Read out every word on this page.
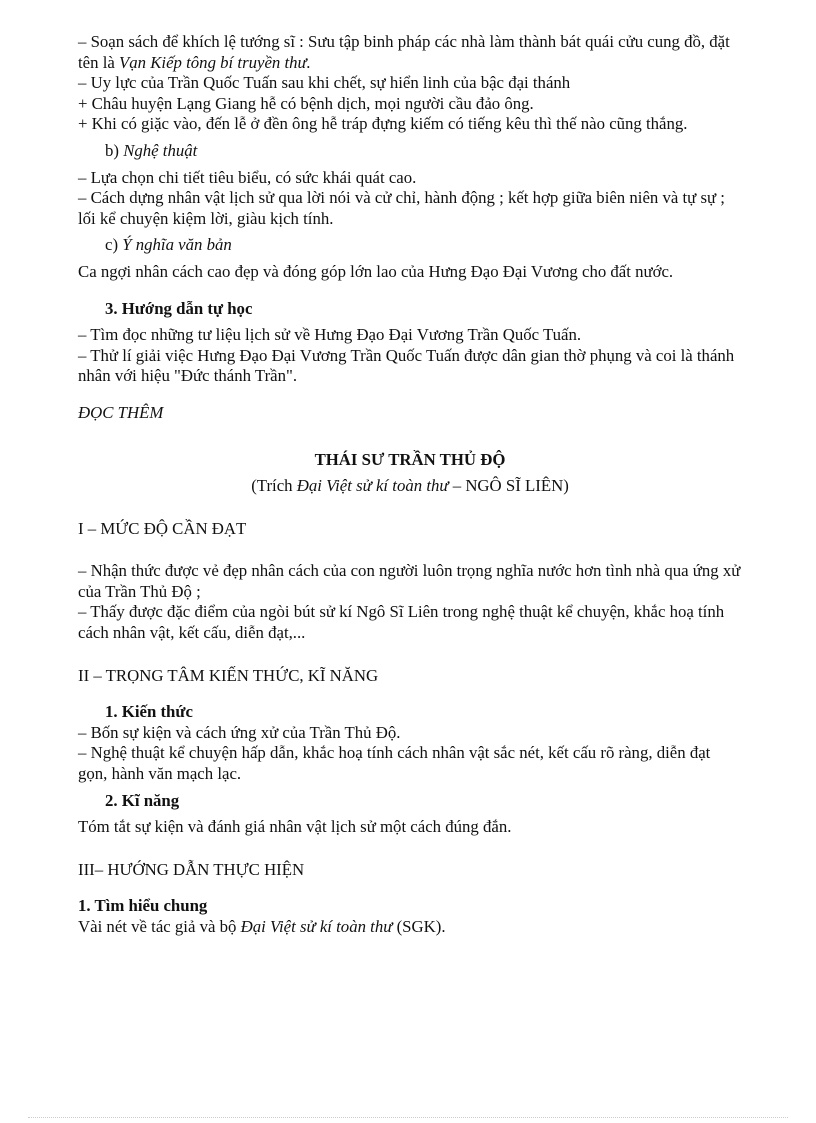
– Soạn sách để khích lệ tướng sĩ : Sưu tập binh pháp các nhà làm thành bát quái cửu cung đồ, đặt tên là Vạn Kiếp tông bí truyền thư.

– Uy lực của Trần Quốc Tuấn sau khi chết, sự hiển linh của bậc đại thánh

+ Châu huyện Lạng Giang hễ có bệnh dịch, mọi người cầu đảo ông.

+ Khi có giặc vào, đến lễ ở đền ông hễ tráp đựng kiếm có tiếng kêu thì thế nào cũng thắng.

b) Nghệ thuật

– Lựa chọn chi tiết tiêu biểu, có sức khái quát cao.

– Cách dựng nhân vật lịch sử qua lời nói và cử chỉ, hành động ; kết hợp giữa biên niên và tự sự ; lối kể chuyện kiệm lời, giàu kịch tính.

c) Ý nghĩa văn bản

Ca ngợi nhân cách cao đẹp và đóng góp lớn lao của Hưng Đạo Đại Vương cho đất nước.

3. Hướng dẫn tự học

– Tìm đọc những tư liệu lịch sử về Hưng Đạo Đại Vương Trần Quốc Tuấn.

– Thử lí giải việc Hưng Đạo Đại Vương Trần Quốc Tuấn được dân gian thờ phụng và coi là thánh nhân với hiệu "Đức thánh Trần".

ĐỌC THÊM

THÁI SƯ TRẦN THỦ ĐỘ

(Trích Đại Việt sử kí toàn thư – NGÔ SĨ LIÊN)

I – MỨC ĐỘ CẦN ĐẠT

– Nhận thức được vẻ đẹp nhân cách của con người luôn trọng nghĩa nước hơn tình nhà qua ứng xử của Trần Thủ Độ ;

– Thấy được đặc điểm của ngòi bút sử kí Ngô Sĩ Liên trong nghệ thuật kể chuyện, khắc hoạ tính cách nhân vật, kết cấu, diễn đạt,...

II – TRỌNG TÂM KIẾN THỨC, KĨ NĂNG

1. Kiến thức

– Bốn sự kiện và cách ứng xử của Trần Thủ Độ.

– Nghệ thuật kể chuyện hấp dẫn, khắc hoạ tính cách nhân vật sắc nét, kết cấu rõ ràng, diễn đạt gọn, hành văn mạch lạc.

2. Kĩ năng

Tóm tắt sự kiện và đánh giá nhân vật lịch sử một cách đúng đắn.

III– HƯỚNG DẪN THỰC HIỆN

1. Tìm hiểu chung

Vài nét về tác giả và bộ Đại Việt sử kí toàn thư (SGK).
